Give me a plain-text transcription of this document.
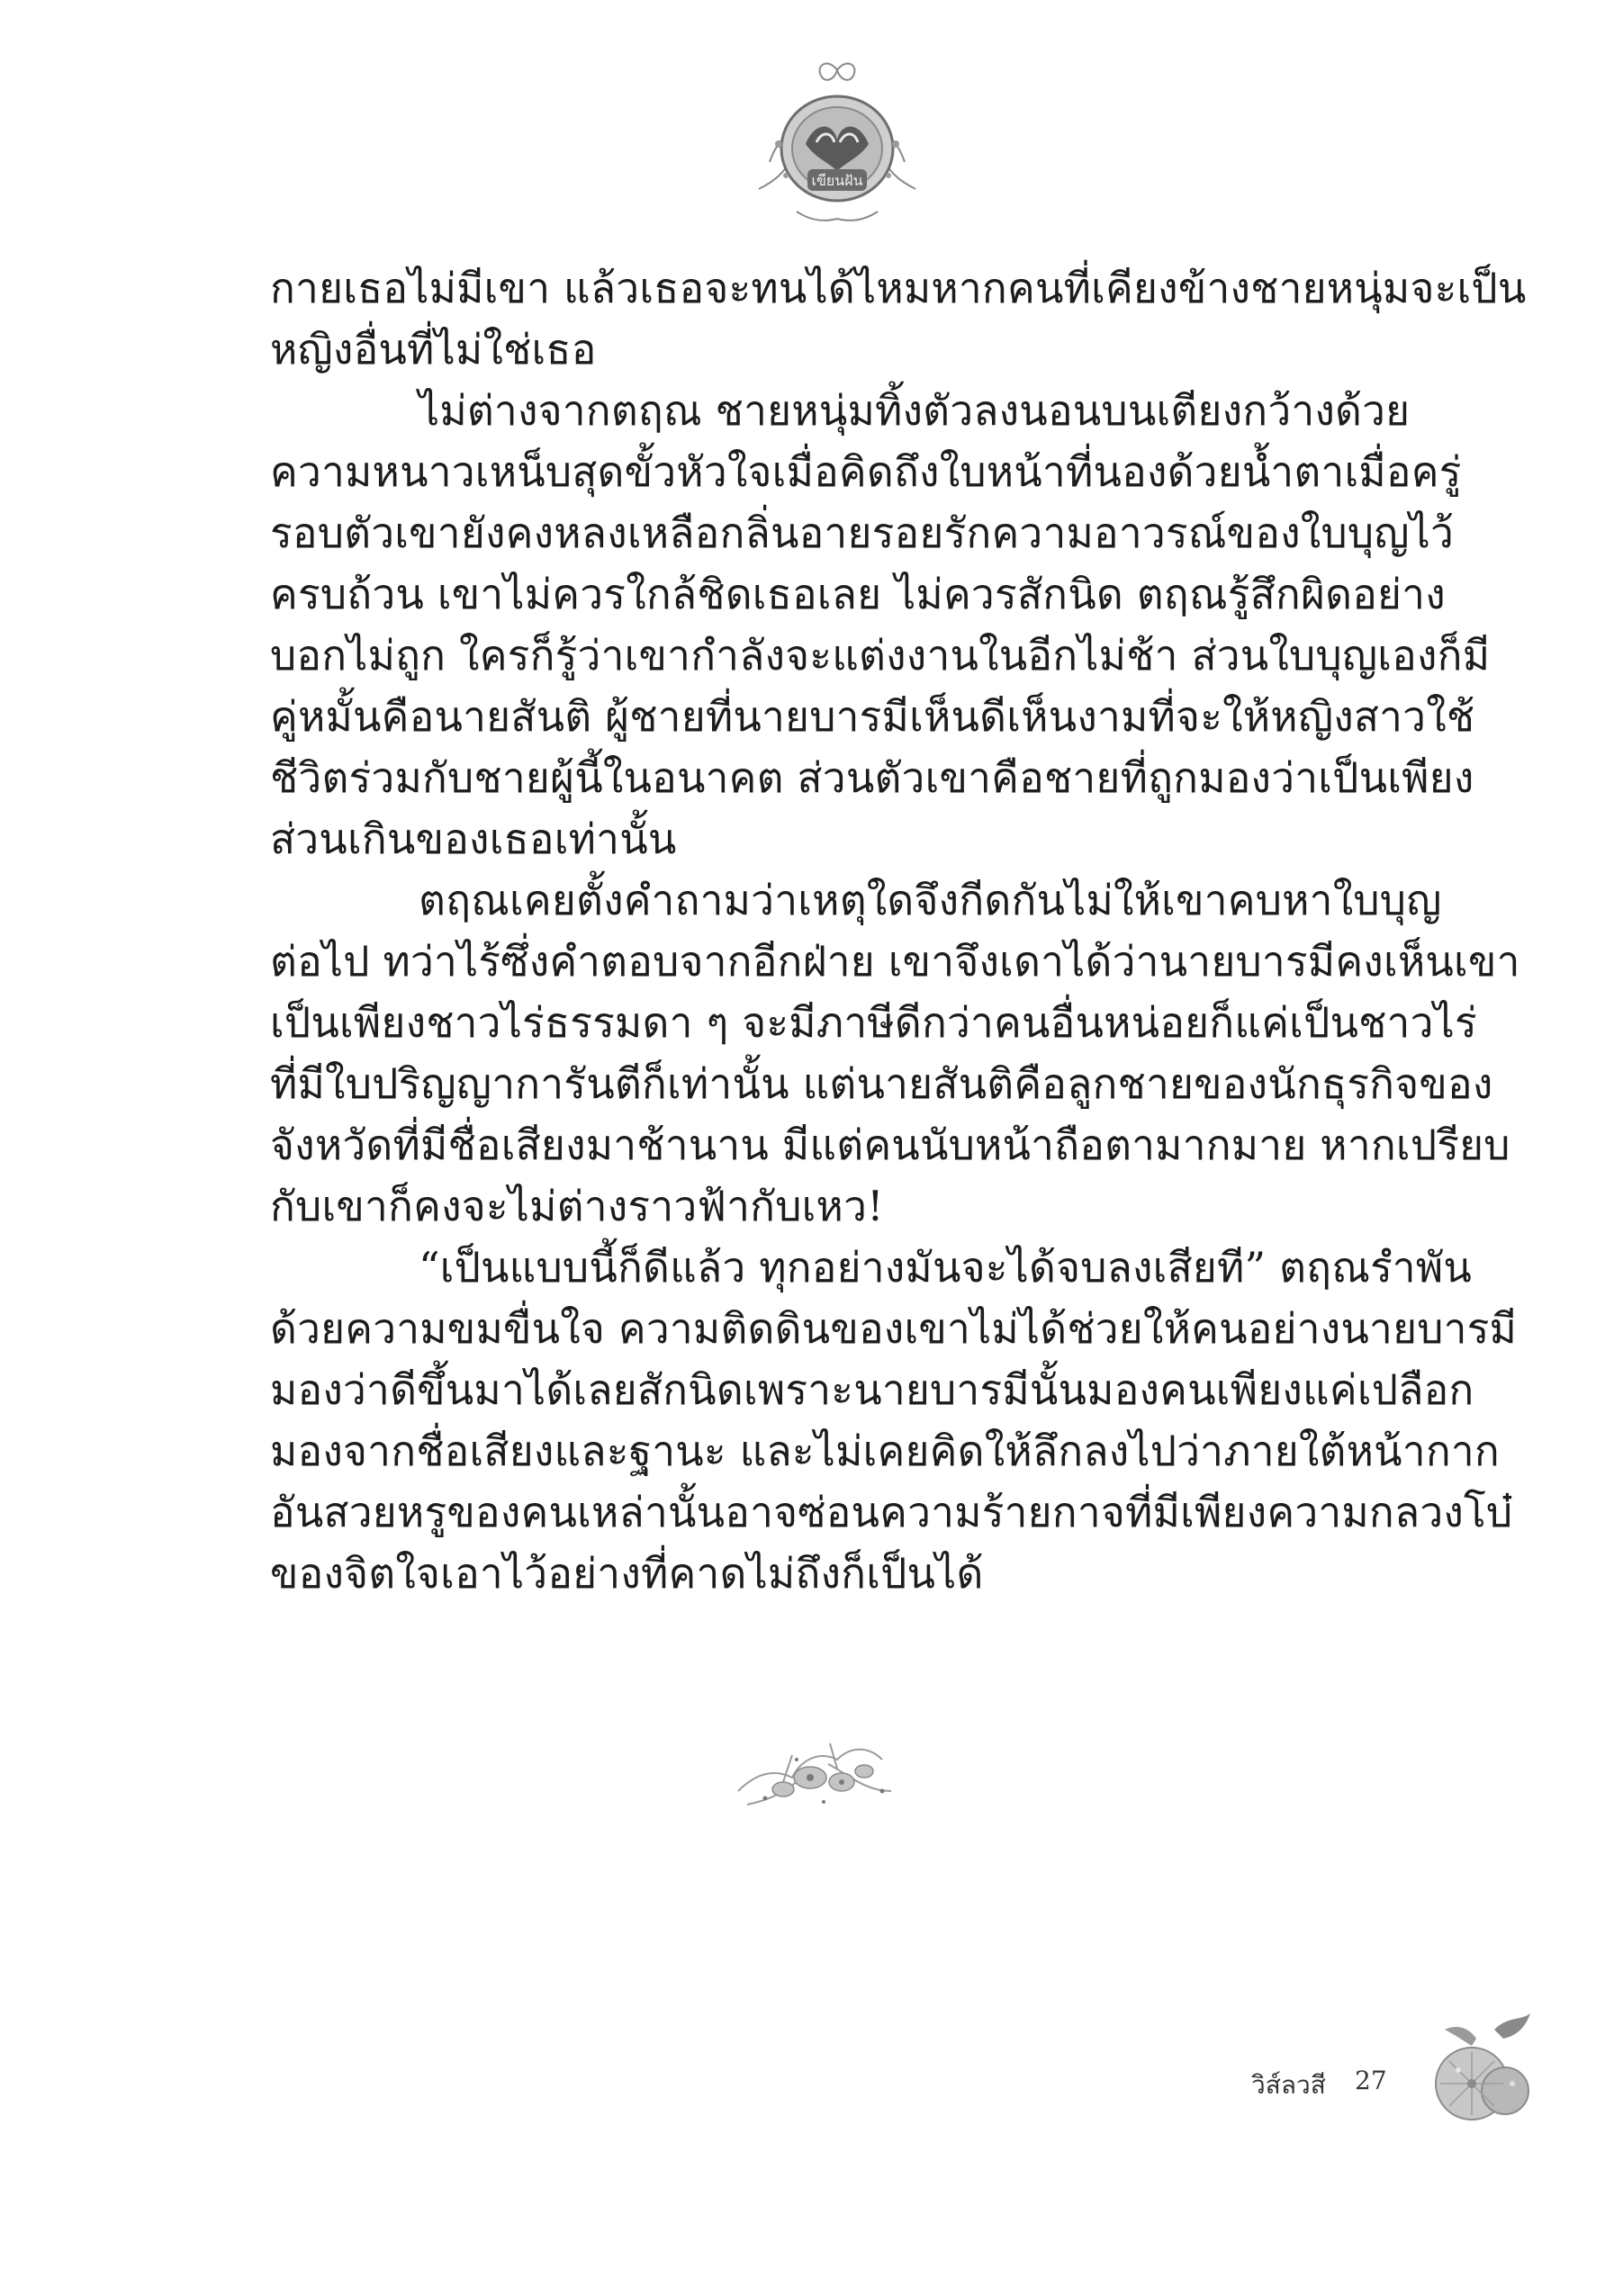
เขียนฝัน
กายเธอไม่มีเขา แล้วเธอจะทนได้ไหมหากคนที่เคียงข้างชายหนุ่มจะเป็น
หญิงอื่นที่ไม่ใช่เธอ
ไม่ต่างจากตฤณ ชายหนุ่มทิ้งตัวลงนอนบนเตียงกว้างด้วย
ความหนาวเหน็บสุดขั้วหัวใจเมื่อคิดถึงใบหน้าที่นองด้วยน้ำตาเมื่อครู่
รอบตัวเขายังคงหลงเหลือกลิ่นอายรอยรักความอาวรณ์ของใบบุญไว้
ครบถ้วน เขาไม่ควรใกล้ชิดเธอเลย ไม่ควรสักนิด ตฤณรู้สึกผิดอย่าง
บอกไม่ถูก ใครก็รู้ว่าเขากำลังจะแต่งงานในอีกไม่ช้า ส่วนใบบุญเองก็มี
คู่หมั้นคือนายสันติ ผู้ชายที่นายบารมีเห็นดีเห็นงามที่จะให้หญิงสาวใช้
ชีวิตร่วมกับชายผู้นี้ในอนาคต ส่วนตัวเขาคือชายที่ถูกมองว่าเป็นเพียง
ส่วนเกินของเธอเท่านั้น
ตฤณเคยตั้งคำถามว่าเหตุใดจึงกีดกันไม่ให้เขาคบหาใบบุญ
ต่อไป ทว่าไร้ซึ่งคำตอบจากอีกฝ่าย เขาจึงเดาได้ว่านายบารมีคงเห็นเขา
เป็นเพียงชาวไร่ธรรมดา ๆ จะมีภาษีดีกว่าคนอื่นหน่อยก็แค่เป็นชาวไร่
ที่มีใบปริญญาการันตีก็เท่านั้น แต่นายสันติคือลูกชายของนักธุรกิจของ
จังหวัดที่มีชื่อเสียงมาช้านาน มีแต่คนนับหน้าถือตามากมาย หากเปรียบ
กับเขาก็คงจะไม่ต่างราวฟ้ากับเหว!
“เป็นแบบนี้ก็ดีแล้ว ทุกอย่างมันจะได้จบลงเสียที” ตฤณรำพัน
ด้วยความขมขื่นใจ ความติดดินของเขาไม่ได้ช่วยให้คนอย่างนายบารมี
มองว่าดีขึ้นมาได้เลยสักนิดเพราะนายบารมีนั้นมองคนเพียงแค่เปลือก
มองจากชื่อเสียงและฐานะ และไม่เคยคิดให้ลึกลงไปว่าภายใต้หน้ากาก
อันสวยหรูของคนเหล่านั้นอาจซ่อนความร้ายกาจที่มีเพียงความกลวงโบ๋
ของจิตใจเอาไว้อย่างที่คาดไม่ถึงก็เป็นได้
วิส์ลวสี 27
